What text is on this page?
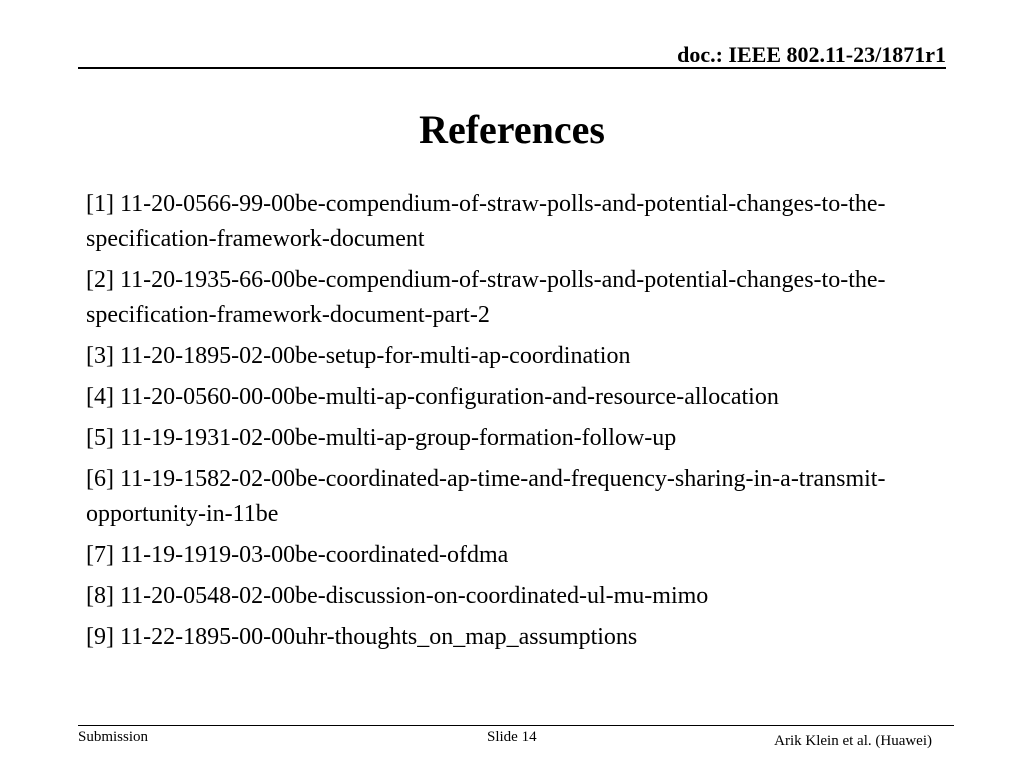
doc.: IEEE 802.11-23/1871r1
References
[1] 11-20-0566-99-00be-compendium-of-straw-polls-and-potential-changes-to-the-specification-framework-document
[2] 11-20-1935-66-00be-compendium-of-straw-polls-and-potential-changes-to-the-specification-framework-document-part-2
[3] 11-20-1895-02-00be-setup-for-multi-ap-coordination
[4] 11-20-0560-00-00be-multi-ap-configuration-and-resource-allocation
[5] 11-19-1931-02-00be-multi-ap-group-formation-follow-up
[6] 11-19-1582-02-00be-coordinated-ap-time-and-frequency-sharing-in-a-transmit-opportunity-in-11be
[7] 11-19-1919-03-00be-coordinated-ofdma
[8] 11-20-0548-02-00be-discussion-on-coordinated-ul-mu-mimo
[9] 11-22-1895-00-00uhr-thoughts_on_map_assumptions
Submission	Slide 14	Arik Klein et al. (Huawei)
